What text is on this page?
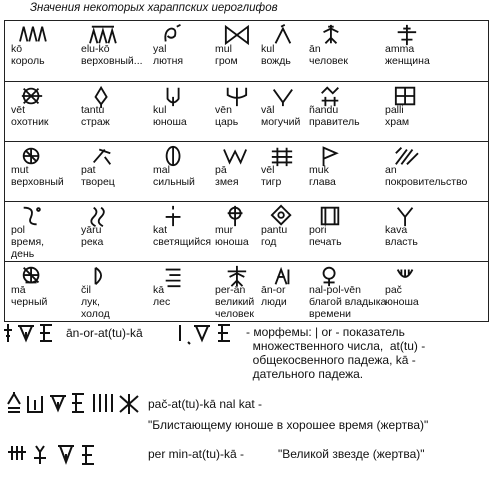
Значения некоторых хараппских иероглифов
kō
король
elu-kō
верховный...
yal
лютня
mul
гром
kul
вождь
ān
человек
amma
женщина
vēt
охотник
tantu
страж
kul
юноша
vēn
царь
vāl
могучий
ñandu
правитель
palli
храм
mut
верховный
pat
творец
mal
сильный
pā
змея
vēl
тигр
muk
глава
an
покровительство
pol
время,
день
yāru
река
kat
светящийся
mur
юноша
pantu
год
pori
печать
kava
власть
mā
черный
čil
лук,
холод
kā
лес
per-ān
великий
человек
ān-or
люди
nal-pol-vēn
благой владыка
времени
pač
юноша
ān-or-at(tu)-kā	- морфемы: | or - показатель
множественного числа,  at(tu) -
общекосвенного падежа, kā -
дательного падежа.
pač-at(tu)-kā nal kat -
"Блистающему юноше в хорошее время (жертва)"
per min-at(tu)-kā -	"Великой звезде (жертва)"
